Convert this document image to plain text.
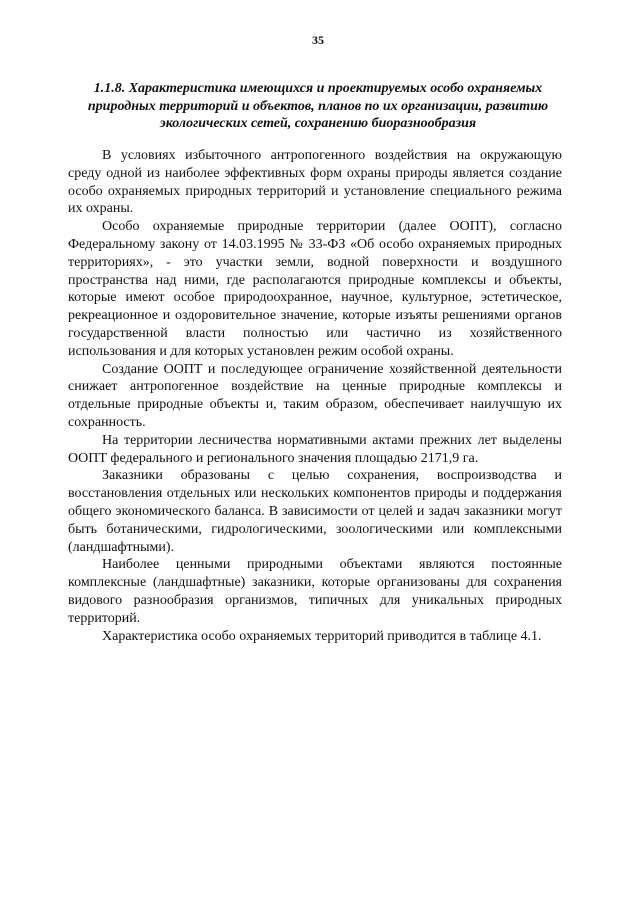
35
1.1.8. Характеристика имеющихся и проектируемых особо охраняемых природных территорий и объектов, планов по их организации, развитию экологических сетей, сохранению биоразнообразия

В условиях избыточного антропогенного воздействия на окружающую среду одной из наиболее эффективных форм охраны природы является создание особо охраняемых природных территорий и установление специального режима их охраны.

Особо охраняемые природные территории (далее ООПТ), согласно Федеральному закону от 14.03.1995 № 33-ФЗ «Об особо охраняемых природных территориях», - это участки земли, водной поверхности и воздушного пространства над ними, где располагаются природные комплексы и объекты, которые имеют особое природоохранное, научное, культурное, эстетическое, рекреационное и оздоровительное значение, которые изъяты решениями органов государственной власти полностью или частично из хозяйственного использования и для которых установлен режим особой охраны.

Создание ООПТ и последующее ограничение хозяйственной деятельности снижает антропогенное воздействие на ценные природные комплексы и отдельные природные объекты и, таким образом, обеспечивает наилучшую их сохранность.

На территории лесничества нормативными актами прежних лет выделены ООПТ федерального и регионального значения площадью 2171,9 га.

Заказники образованы с целью сохранения, воспроизводства и восстановления отдельных или нескольких компонентов природы и поддержания общего экономического баланса. В зависимости от целей и задач заказники могут быть ботаническими, гидрологическими, зоологическими или комплексными (ландшафтными).

Наиболее ценными природными объектами являются постоянные комплексные (ландшафтные) заказники, которые организованы для сохранения видового разнообразия организмов, типичных для уникальных природных территорий.

Характеристика особо охраняемых территорий приводится в таблице 4.1.
